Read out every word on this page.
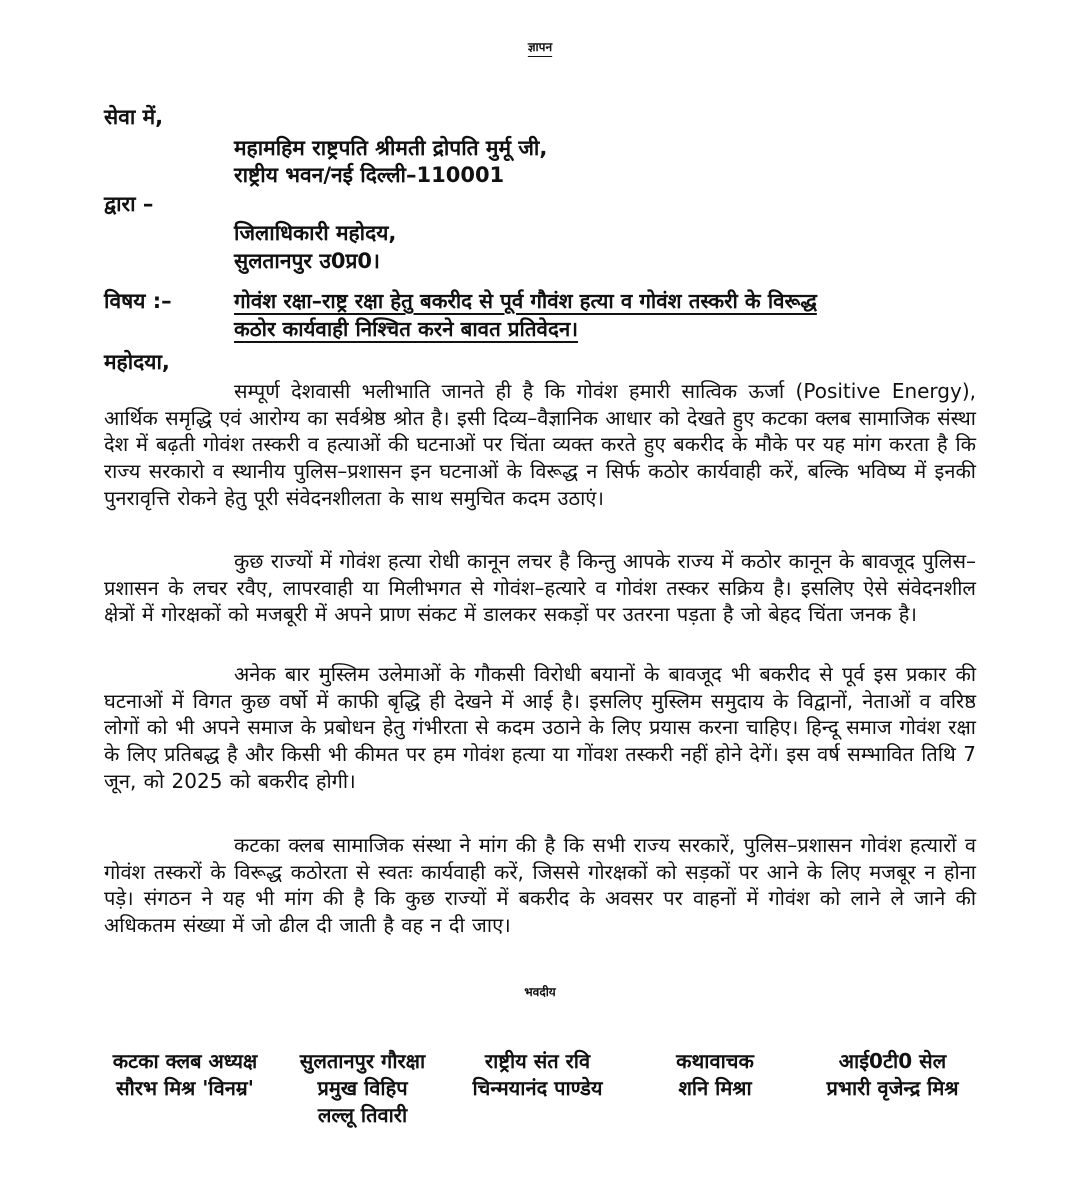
ज्ञापन
सेवा में,
महामहिम राष्ट्रपति श्रीमती द्रोपति मुर्मू जी,
राष्ट्रीय भवन/नई दिल्ली–110001
द्वारा –
जिलाधिकारी महोदय,
सुलतानपुर उ0प्र0।
विषय :–	गोवंश रक्षा–राष्ट्र रक्षा हेतु बकरीद से पूर्व गौवंश हत्या व गोवंश तस्करी के विरूद्ध
कठोर कार्यवाही निश्चित करने बावत प्रतिवेदन।
महोदया,

सम्पूर्ण देशवासी भलीभाति जानते ही है कि गोवंश हमारी सात्विक ऊर्जा (Positive Energy), आर्थिक समृद्धि एवं आरोग्य का सर्वश्रेष्ठ श्रोत है। इसी दिव्य–वैज्ञानिक आधार को देखते हुए कटका क्लब सामाजिक संस्था देश में बढ़ती गोवंश तस्करी व हत्याओं की घटनाओं पर चिंता व्यक्त करते हुए बकरीद के मौके पर यह मांग करता है कि राज्य सरकारो व स्थानीय पुलिस–प्रशासन इन घटनाओं के विरूद्ध न सिर्फ कठोर कार्यवाही करें, बल्कि भविष्य में इनकी पुनरावृत्ति रोकने हेतु पूरी संवेदनशीलता के साथ समुचित कदम उठाएं।

कुछ राज्यों में गोवंश हत्या रोधी कानून लचर है किन्तु आपके राज्य में कठोर कानून के बावजूद पुलिस–प्रशासन के लचर रवैए, लापरवाही या मिलीभगत से गोवंश–हत्यारे व गोवंश तस्कर सक्रिय है। इसलिए ऐसे संवेदनशील क्षेत्रों में गोरक्षकों को मजबूरी में अपने प्राण संकट में डालकर सकड़ों पर उतरना पड़ता है जो बेहद चिंता जनक है।

अनेक बार मुस्लिम उलेमाओं के गौकसी विरोधी बयानों के बावजूद भी बकरीद से पूर्व इस प्रकार की घटनाओं में विगत कुछ वर्षो में काफी बृद्धि ही देखने में आई है। इसलिए मुस्लिम समुदाय के विद्वानों, नेताओं व वरिष्ठ लोगों को भी अपने समाज के प्रबोधन हेतु गंभीरता से कदम उठाने के लिए प्रयास करना चाहिए। हिन्दू समाज गोवंश रक्षा के लिए प्रतिबद्ध है और किसी भी कीमत पर हम गोवंश हत्या या गोंवश तस्करी नहीं होने देगें। इस वर्ष सम्भावित तिथि 7 जून, को 2025 को बकरीद होगी।

कटका क्लब सामाजिक संस्था ने मांग की है कि सभी राज्य सरकारें, पुलिस–प्रशासन गोवंश हत्यारों व गोवंश तस्करों के विरूद्ध कठोरता से स्वतः कार्यवाही करें, जिससे गोरक्षकों को सड़कों पर आने के लिए मजबूर न होना पड़े। संगठन ने यह भी मांग की है कि कुछ राज्यों में बकरीद के अवसर पर वाहनों में गोवंश को लाने ले जाने की अधिकतम संख्या में जो ढील दी जाती है वह न दी जाए।

भवदीय
कटका क्लब अध्यक्ष
सौरभ मिश्र 'विनम्र'
सुलतानपुर गौरक्षा
प्रमुख विहिप
लल्लू तिवारी
राष्ट्रीय संत रवि
चिन्मयानंद पाण्डेय
कथावाचक
शनि मिश्रा
आई0टी0 सेल
प्रभारी वृजेन्द्र मिश्र
